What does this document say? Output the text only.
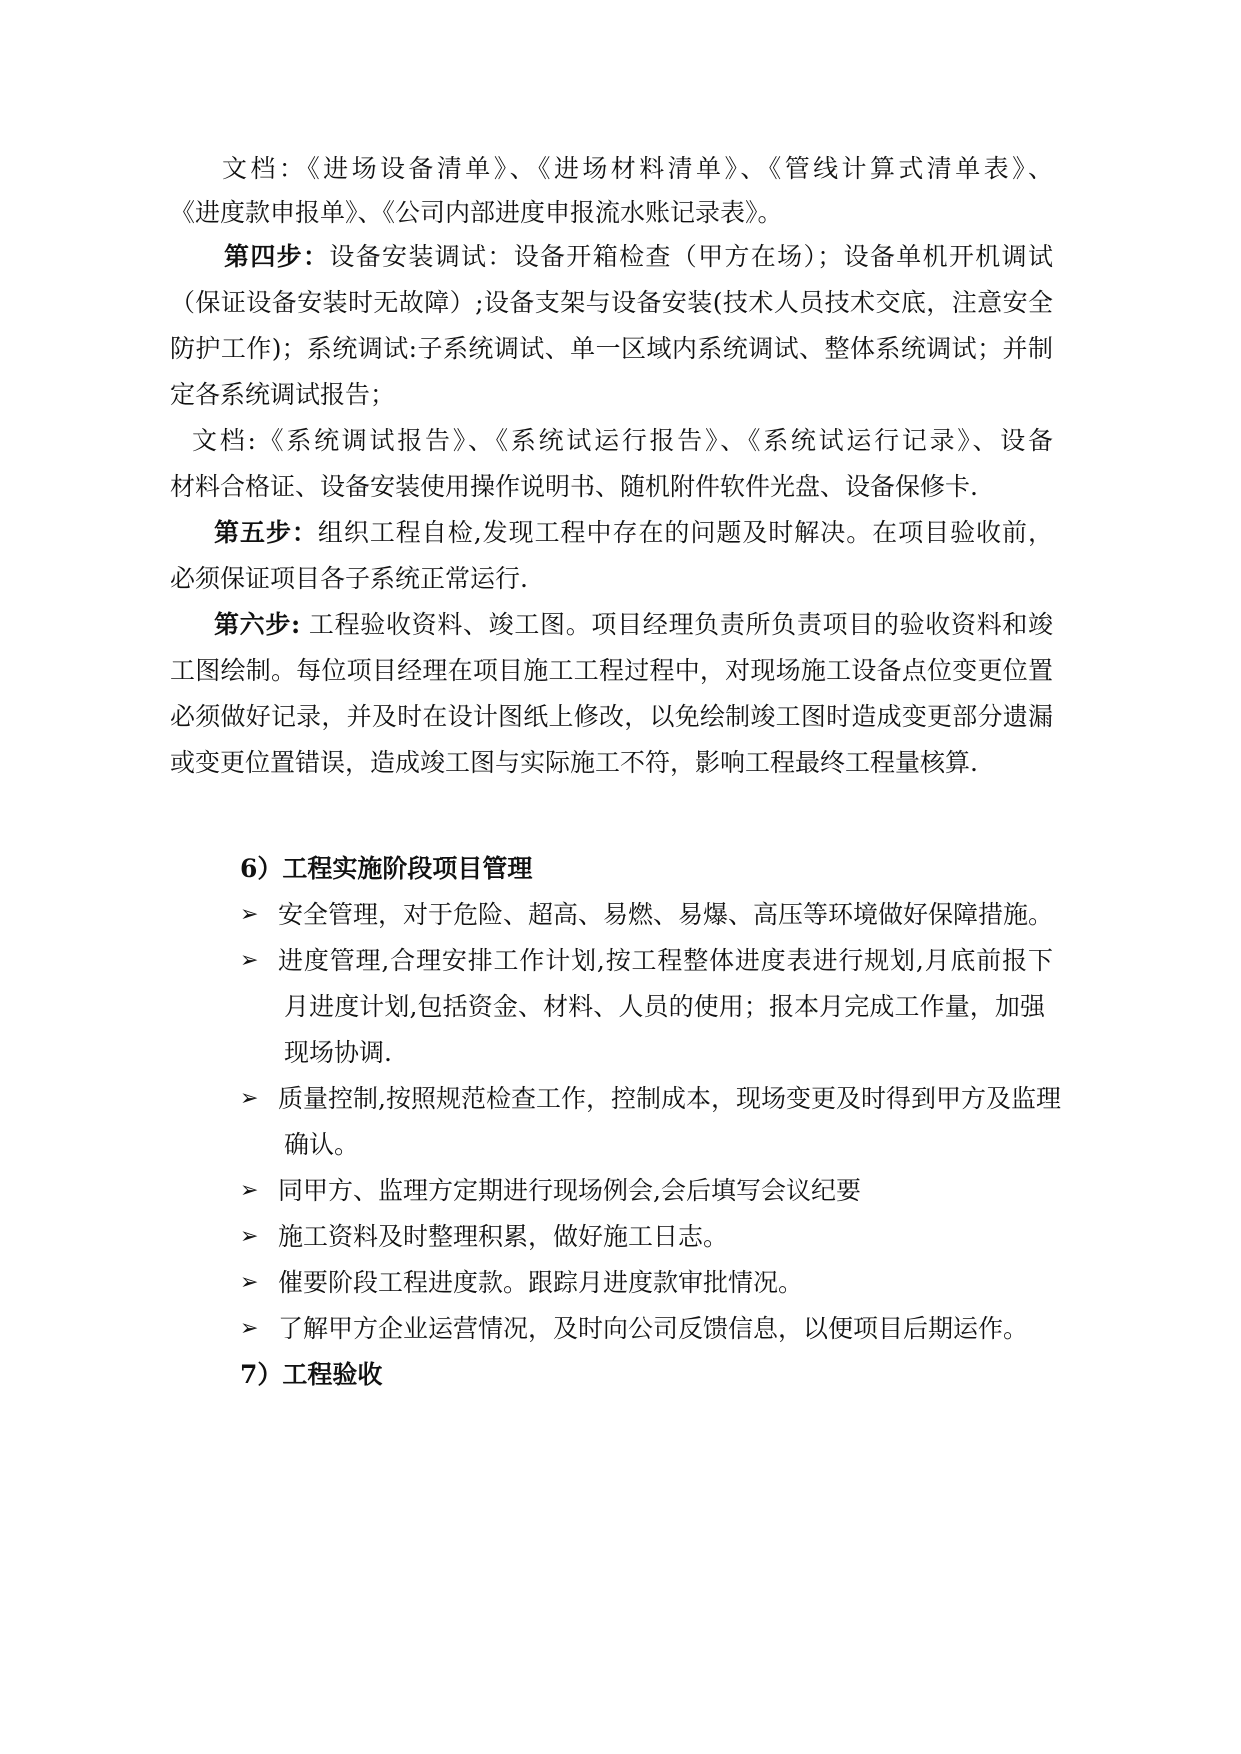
文档：《进场设备清单》、《进场材料清单》、《管线计算式清单表》、
《进度款申报单》、《公司内部进度申报流水账记录表》。
第四步：设备安装调试：设备开箱检查（甲方在场）；设备单机开机调试
（保证设备安装时无故障）;设备支架与设备安装(技术人员技术交底，注意安全
防护工作)；系统调试:子系统调试、单一区域内系统调试、整体系统调试；并制
定各系统调试报告；
文档:《系统调试报告》、《系统试运行报告》、《系统试运行记录》、设备
材料合格证、设备安装使用操作说明书、随机附件软件光盘、设备保修卡.
第五步：组织工程自检,发现工程中存在的问题及时解决。在项目验收前，
必须保证项目各子系统正常运行.
第六步: 工程验收资料、竣工图。项目经理负责所负责项目的验收资料和竣
工图绘制。每位项目经理在项目施工工程过程中，对现场施工设备点位变更位置
必须做好记录，并及时在设计图纸上修改，以免绘制竣工图时造成变更部分遗漏
或变更位置错误，造成竣工图与实际施工不符，影响工程最终工程量核算.
6）工程实施阶段项目管理
➢ 安全管理，对于危险、超高、易燃、易爆、高压等环境做好保障措施。
➢ 进度管理,合理安排工作计划,按工程整体进度表进行规划,月底前报下
月进度计划,包括资金、材料、人员的使用；报本月完成工作量，加强
现场协调.
➢ 质量控制,按照规范检查工作，控制成本，现场变更及时得到甲方及监理
确认。
➢ 同甲方、监理方定期进行现场例会,会后填写会议纪要
➢ 施工资料及时整理积累，做好施工日志。
➢ 催要阶段工程进度款。跟踪月进度款审批情况。
➢ 了解甲方企业运营情况，及时向公司反馈信息，以便项目后期运作。
7）工程验收
